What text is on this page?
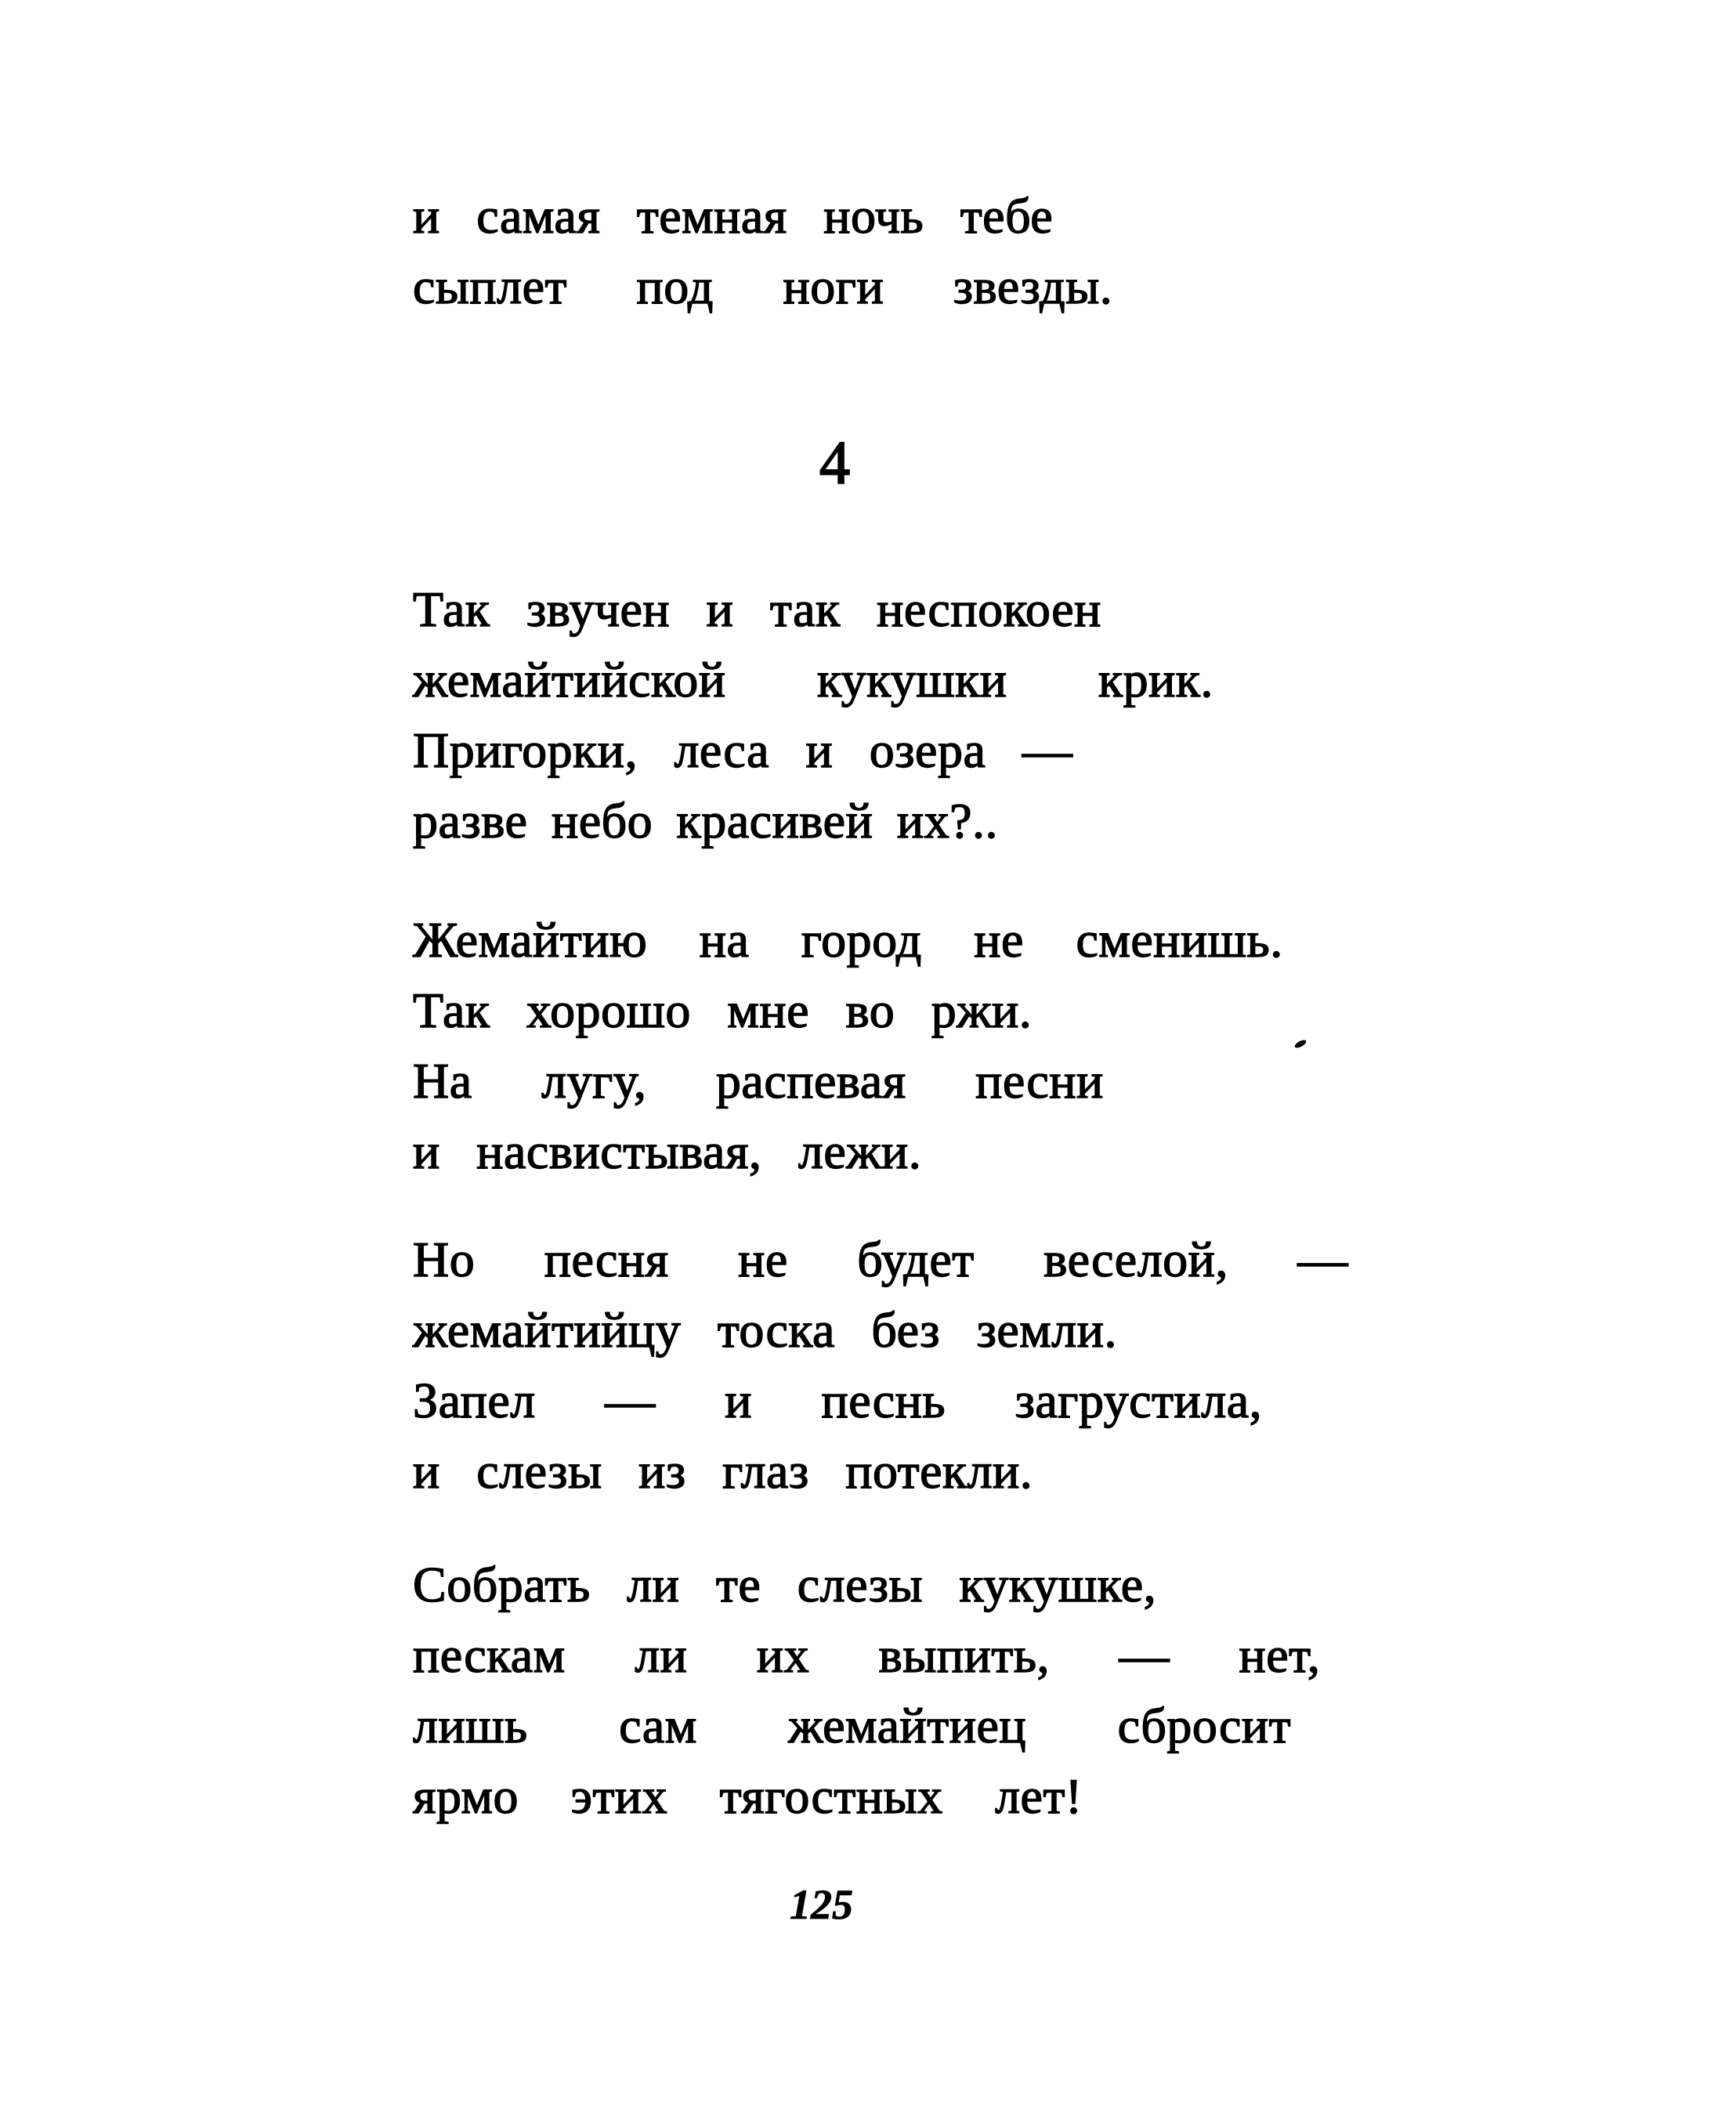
и самая темная ночь тебе
сыплет под ноги звезды.
4
Так звучен и так неспокоен
жемайтийской кукушки крик.
Пригорки, леса и озера —
разве небо красивей их?..
Жемайтию на город не сменишь.
Так хорошо мне во ржи.
На лугу, распевая песни
и насвистывая, лежи.
Но песня не будет веселой, —
жемайтийцу тоска без земли.
Запел — и песнь загрустила,
и слезы из глаз потекли.
Собрать ли те слезы кукушке,
пескам ли их выпить, — нет,
лишь сам жемайтиец сбросит
ярмо этих тягостных лет!
125
